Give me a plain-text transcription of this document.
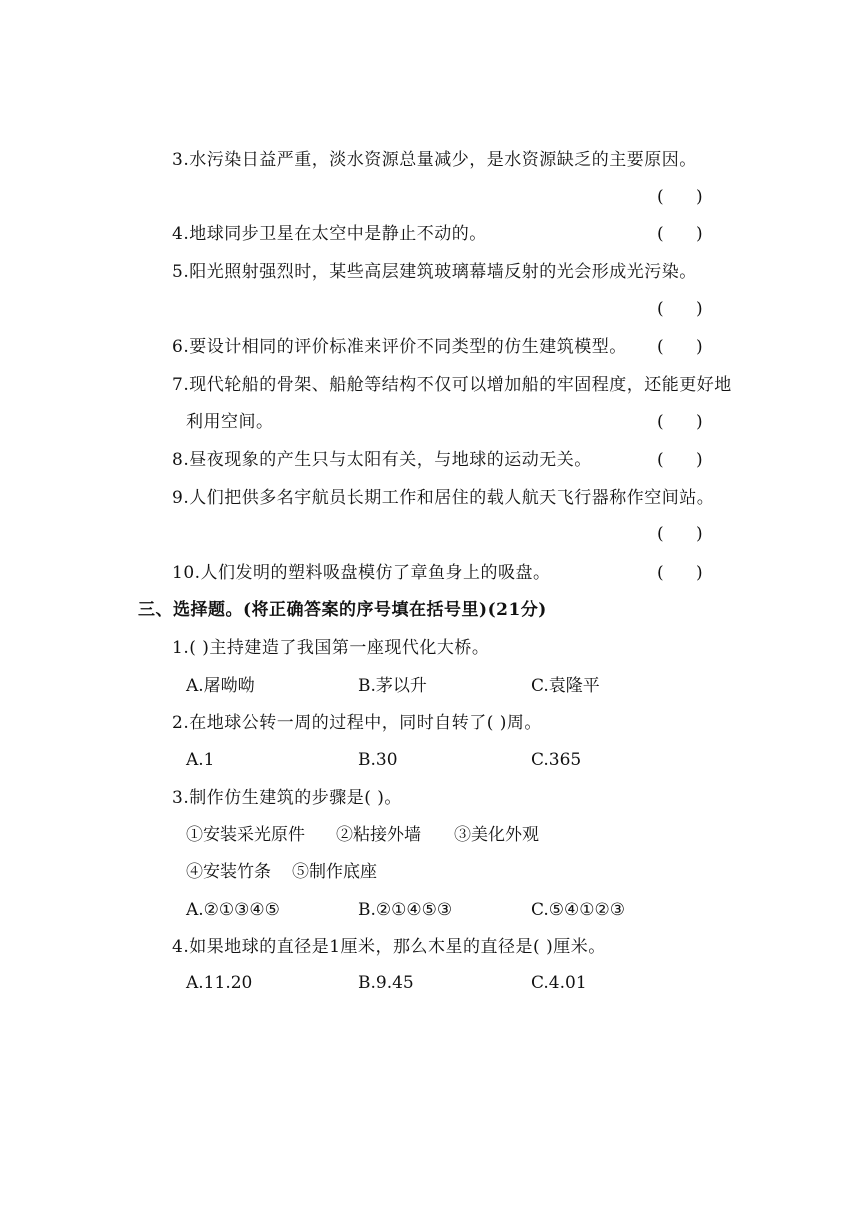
3.水污染日益严重，淡水资源总量减少，是水资源缺乏的主要原因。
(      )
4.地球同步卫星在太空中是静止不动的。	(      )
5.阳光照射强烈时，某些高层建筑玻璃幕墙反射的光会形成光污染。
(      )
6.要设计相同的评价标准来评价不同类型的仿生建筑模型。 (      )
7.现代轮船的骨架、船舱等结构不仅可以增加船的牢固程度，还能更好地
利用空间。	(      )
8.昼夜现象的产生只与太阳有关，与地球的运动无关。	(      )
9.人们把供多名宇航员长期工作和居住的载人航天飞行器称作空间站。
(      )
10.人们发明的塑料吸盘模仿了章鱼身上的吸盘。	(      )
三、选择题。(将正确答案的序号填在括号里)(21分)
1.( )主持建造了我国第一座现代化大桥。
A.屠呦呦	B.茅以升	C.袁隆平
2.在地球公转一周的过程中，同时自转了( )周。
A.1	B.30	C.365
3.制作仿生建筑的步骤是( )。
①安装采光原件 ②粘接外墙 ③美化外观
④安装竹条 ⑤制作底座
A.②①③④⑤	B.②①④⑤③	C.⑤④①②③
4.如果地球的直径是1厘米，那么木星的直径是( )厘米。
A.11.20	B.9.45	C.4.01
